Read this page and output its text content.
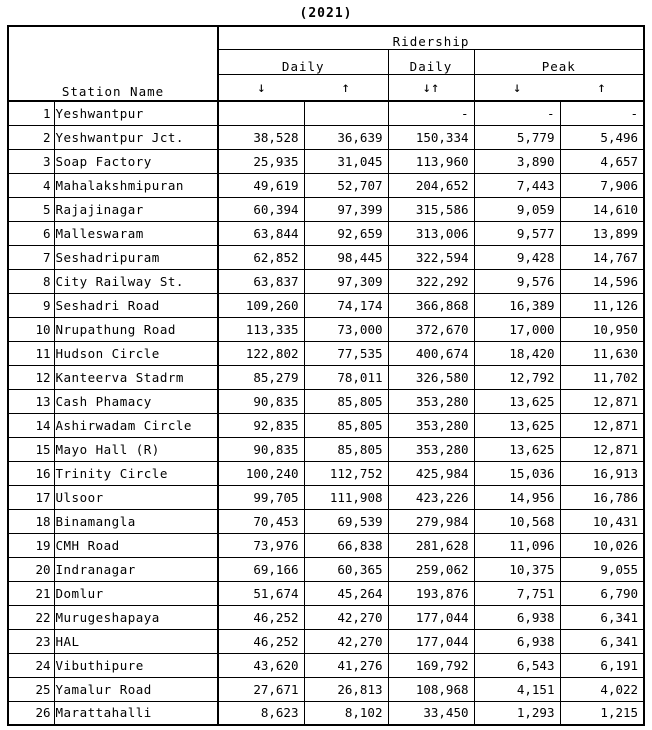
(2021)
Station Name		Ridership				
		Daily		Daily	Peak	
		↓	↑	↓↑	↓	↑
1	Yeshwantpur			-	-	-
2	Yeshwantpur Jct.	38,528	36,639	150,334	5,779	5,496
3	Soap Factory	25,935	31,045	113,960	3,890	4,657
4	Mahalakshmipuran	49,619	52,707	204,652	7,443	7,906
5	Rajajinagar	60,394	97,399	315,586	9,059	14,610
6	Malleswaram	63,844	92,659	313,006	9,577	13,899
7	Seshadripuram	62,852	98,445	322,594	9,428	14,767
8	City Railway St.	63,837	97,309	322,292	9,576	14,596
9	Seshadri Road	109,260	74,174	366,868	16,389	11,126
10	Nrupathung Road	113,335	73,000	372,670	17,000	10,950
11	Hudson Circle	122,802	77,535	400,674	18,420	11,630
12	Kanteerva Stadrm	85,279	78,011	326,580	12,792	11,702
13	Cash Phamacy	90,835	85,805	353,280	13,625	12,871
14	Ashirwadam Circle	92,835	85,805	353,280	13,625	12,871
15	Mayo Hall (R)	90,835	85,805	353,280	13,625	12,871
16	Trinity Circle	100,240	112,752	425,984	15,036	16,913
17	Ulsoor	99,705	111,908	423,226	14,956	16,786
18	Binamangla	70,453	69,539	279,984	10,568	10,431
19	CMH Road	73,976	66,838	281,628	11,096	10,026
20	Indranagar	69,166	60,365	259,062	10,375	9,055
21	Domlur	51,674	45,264	193,876	7,751	6,790
22	Murugeshapaya	46,252	42,270	177,044	6,938	6,341
23	HAL	46,252	42,270	177,044	6,938	6,341
24	Vibuthipure	43,620	41,276	169,792	6,543	6,191
25	Yamalur Road	27,671	26,813	108,968	4,151	4,022
26	Marattahalli	8,623	8,102	33,450	1,293	1,215
